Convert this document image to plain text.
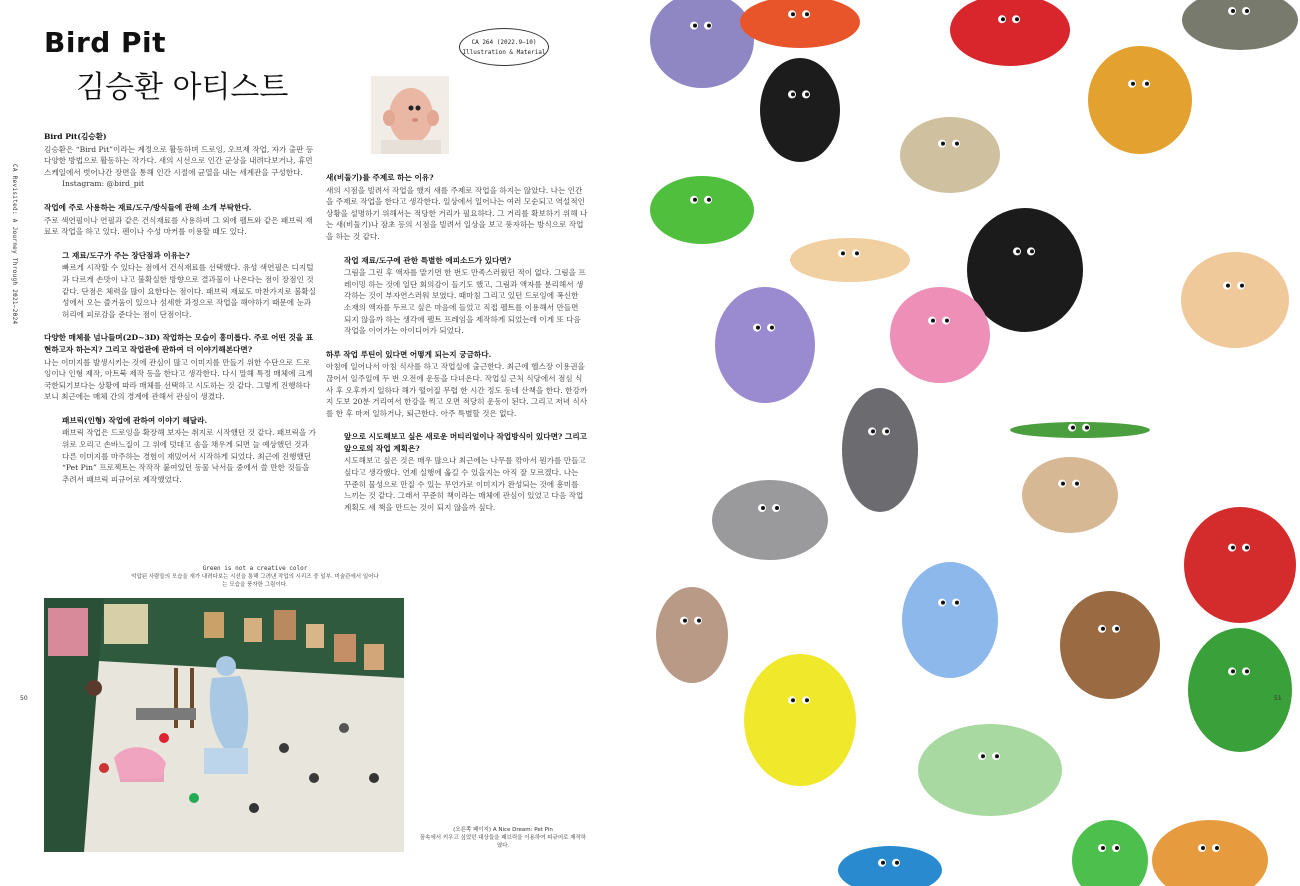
Bird Pit
김승환 아티스트
CA 264 (2022.9—10)
Illustration & Material
CA Revisited: A Journey Through 2021—2024
50

Bird Pit(김승환)

김승환은 “Bird Pit”이라는 계정으로 활동하며 드로잉, 오브제 작업, 자가 출판 등 다양한 방법으로 활동하는 작가다. 새의 시선으로 인간 군상을 내려다보거나, 휴먼 스케일에서 벗어나간 장면을 통해 인간 시절에 균열을 내는 세계관을 구성한다.

Instagram: @bird_pit

작업에 주로 사용하는 재료/도구/방식들에 관해 소개 부탁한다.

주로 색연필이나 연필과 같은 건식재료를 사용하며 그 외에 펠트와 같은 패브릭 재료로 작업을 하고 있다. 펜이나 수성 마커를 이용할 때도 있다.

그 재료/도구가 주는 장단점과 이유는?

빠르게 시작할 수 있다는 점에서 건식재료를 선택했다. 유성 색연필은 디지털과 다르게 손맛이 나고 불확실한 방향으로 결과물이 나온다는 점이 장점인 것 같다. 단점은 체력을 많이 요한다는 점이다. 패브릭 재료도 마찬가지로 불확실성에서 오는 즐거움이 있으나 섬세한 과정으로 작업을 해야하기 때문에 눈과 허리에 피로감을 준다는 점이 단점이다.

다양한 매체를 넘나들며(2D~3D) 작업하는 모습이 흥미롭다. 주로 어떤 것을 표현하고자 하는지? 그리고 작업관에 관하여 더 이야기해본다면?

나는 이미지를 발생시키는 것에 관심이 많고 이미지를 만들기 위한 수단으로 드로잉이나 인형 제작, 아트북 제작 등을 한다고 생각한다. 다시 말해 특정 매체에 크게 국한되기보다는 상황에 따라 매체를 선택하고 시도하는 것 같다. 그렇게 진행하다 보니 최근에는 매체 간의 경계에 관해서 관심이 생겼다.

패브릭(인형) 작업에 관하여 이야기 해달라.

패브릭 작업은 드로잉을 확장해 보자는 취지로 시작했던 것 같다. 패브릭을 가위로 오리고 손바느질이 그 위에 덧대고 솜을 채우게 되면 늘 예상했던 것과 다른 이미지를 마주하는 경험이 재밌어서 시작하게 되었다. 최근에 진행했던 “Pet Pin” 프로젝트는 작작작 붙여있던 동물 낙서들 중에서 쓸 만한 것들을 추려서 패브릭 피규어로 제작했었다.

새(비둘기)를 주제로 하는 이유?

새의 시점을 빌려서 작업을 했지 새를 주제로 작업을 하지는 않았다. 나는 인간을 주제로 작업을 한다고 생각한다. 일상에서 일어나는 여러 모순되고 역설적인 상황을 설명하기 위해서는 적당한 거리가 필요하다. 그 거리를 확보하기 위해 나는 새(비둘기)나 잠초 등의 시점을 빌려서 일상을 보고 풍자하는 방식으로 작업을 하는 것 같다.

작업 재료/도구에 관한 특별한 에피소드가 있다면?

그림을 그린 후 액자를 맡기면 한 번도 만족스러웠던 적이 없다. 그림을 프레이밍 하는 것에 일단 회의감이 들기도 했고, 그림과 액자를 분리해서 생각하는 것이 부자연스러워 보였다. 때마침 그리고 있던 드로잉에 폭신한 소재의 액자를 두르고 싶은 마음에 들었고 직접 펠트를 이용해서 만들면 되지 않을까 하는 생각에 펠트 프레임을 제작하게 되었는데 이게 또 다음 작업을 이어가는 아이디어가 되었다.

하루 작업 루틴이 있다면 어떻게 되는지 궁금하다.

아침에 일어나서 아침 식사를 하고 작업실에 출근한다. 최근에 헬스장 이용권을 끊어서 일주일에 두 번 오전에 운동을 다녀온다. 작업실 근처 식당에서 점심 식사 후 오후까지 일하다 해가 떨어질 무렵 한 시간 정도 동네 산책을 한다. 한강까지 도보 20분 거리여서 한강을 찍고 오면 적당히 운동이 된다. 그리고 저녁 식사를 한 후 마저 일하거나, 퇴근한다. 아주 특별할 것은 없다.

앞으로 시도해보고 싶은 새로운 머티리얼이나 작업방식이 있다면? 그리고 앞으로의 작업 계획은?

시도해보고 싶은 것은 매우 많으나 최근에는 나무를 깎아서 뭔가를 만들고 싶다고 생각했다. 언제 실행에 옮길 수 있을지는 아직 잘 모르겠다. 나는 꾸준히 물성으로 만질 수 있는 무언가로 이미지가 완성되는 것에 흥미를 느끼는 것 같다. 그래서 꾸준히 책이라는 매체에 관심이 있었고 다음 작업 계획도 새 책을 만드는 것이 되지 않을까 싶다.

Green is not a creative color
억압된 사람들의 모습을 새가 내려다보는 시선을 통해 그려낸 작업의 시리즈 중 일부. 미술관에서 일어나는 모습을 풍자한 그림이다.
(오른쪽 페이지) A Nice Dream: Pet Pin
꿈속에서 키우고 싶었던 대상들을 패브릭을 이용하여 피규어로 제작하였다.
51
